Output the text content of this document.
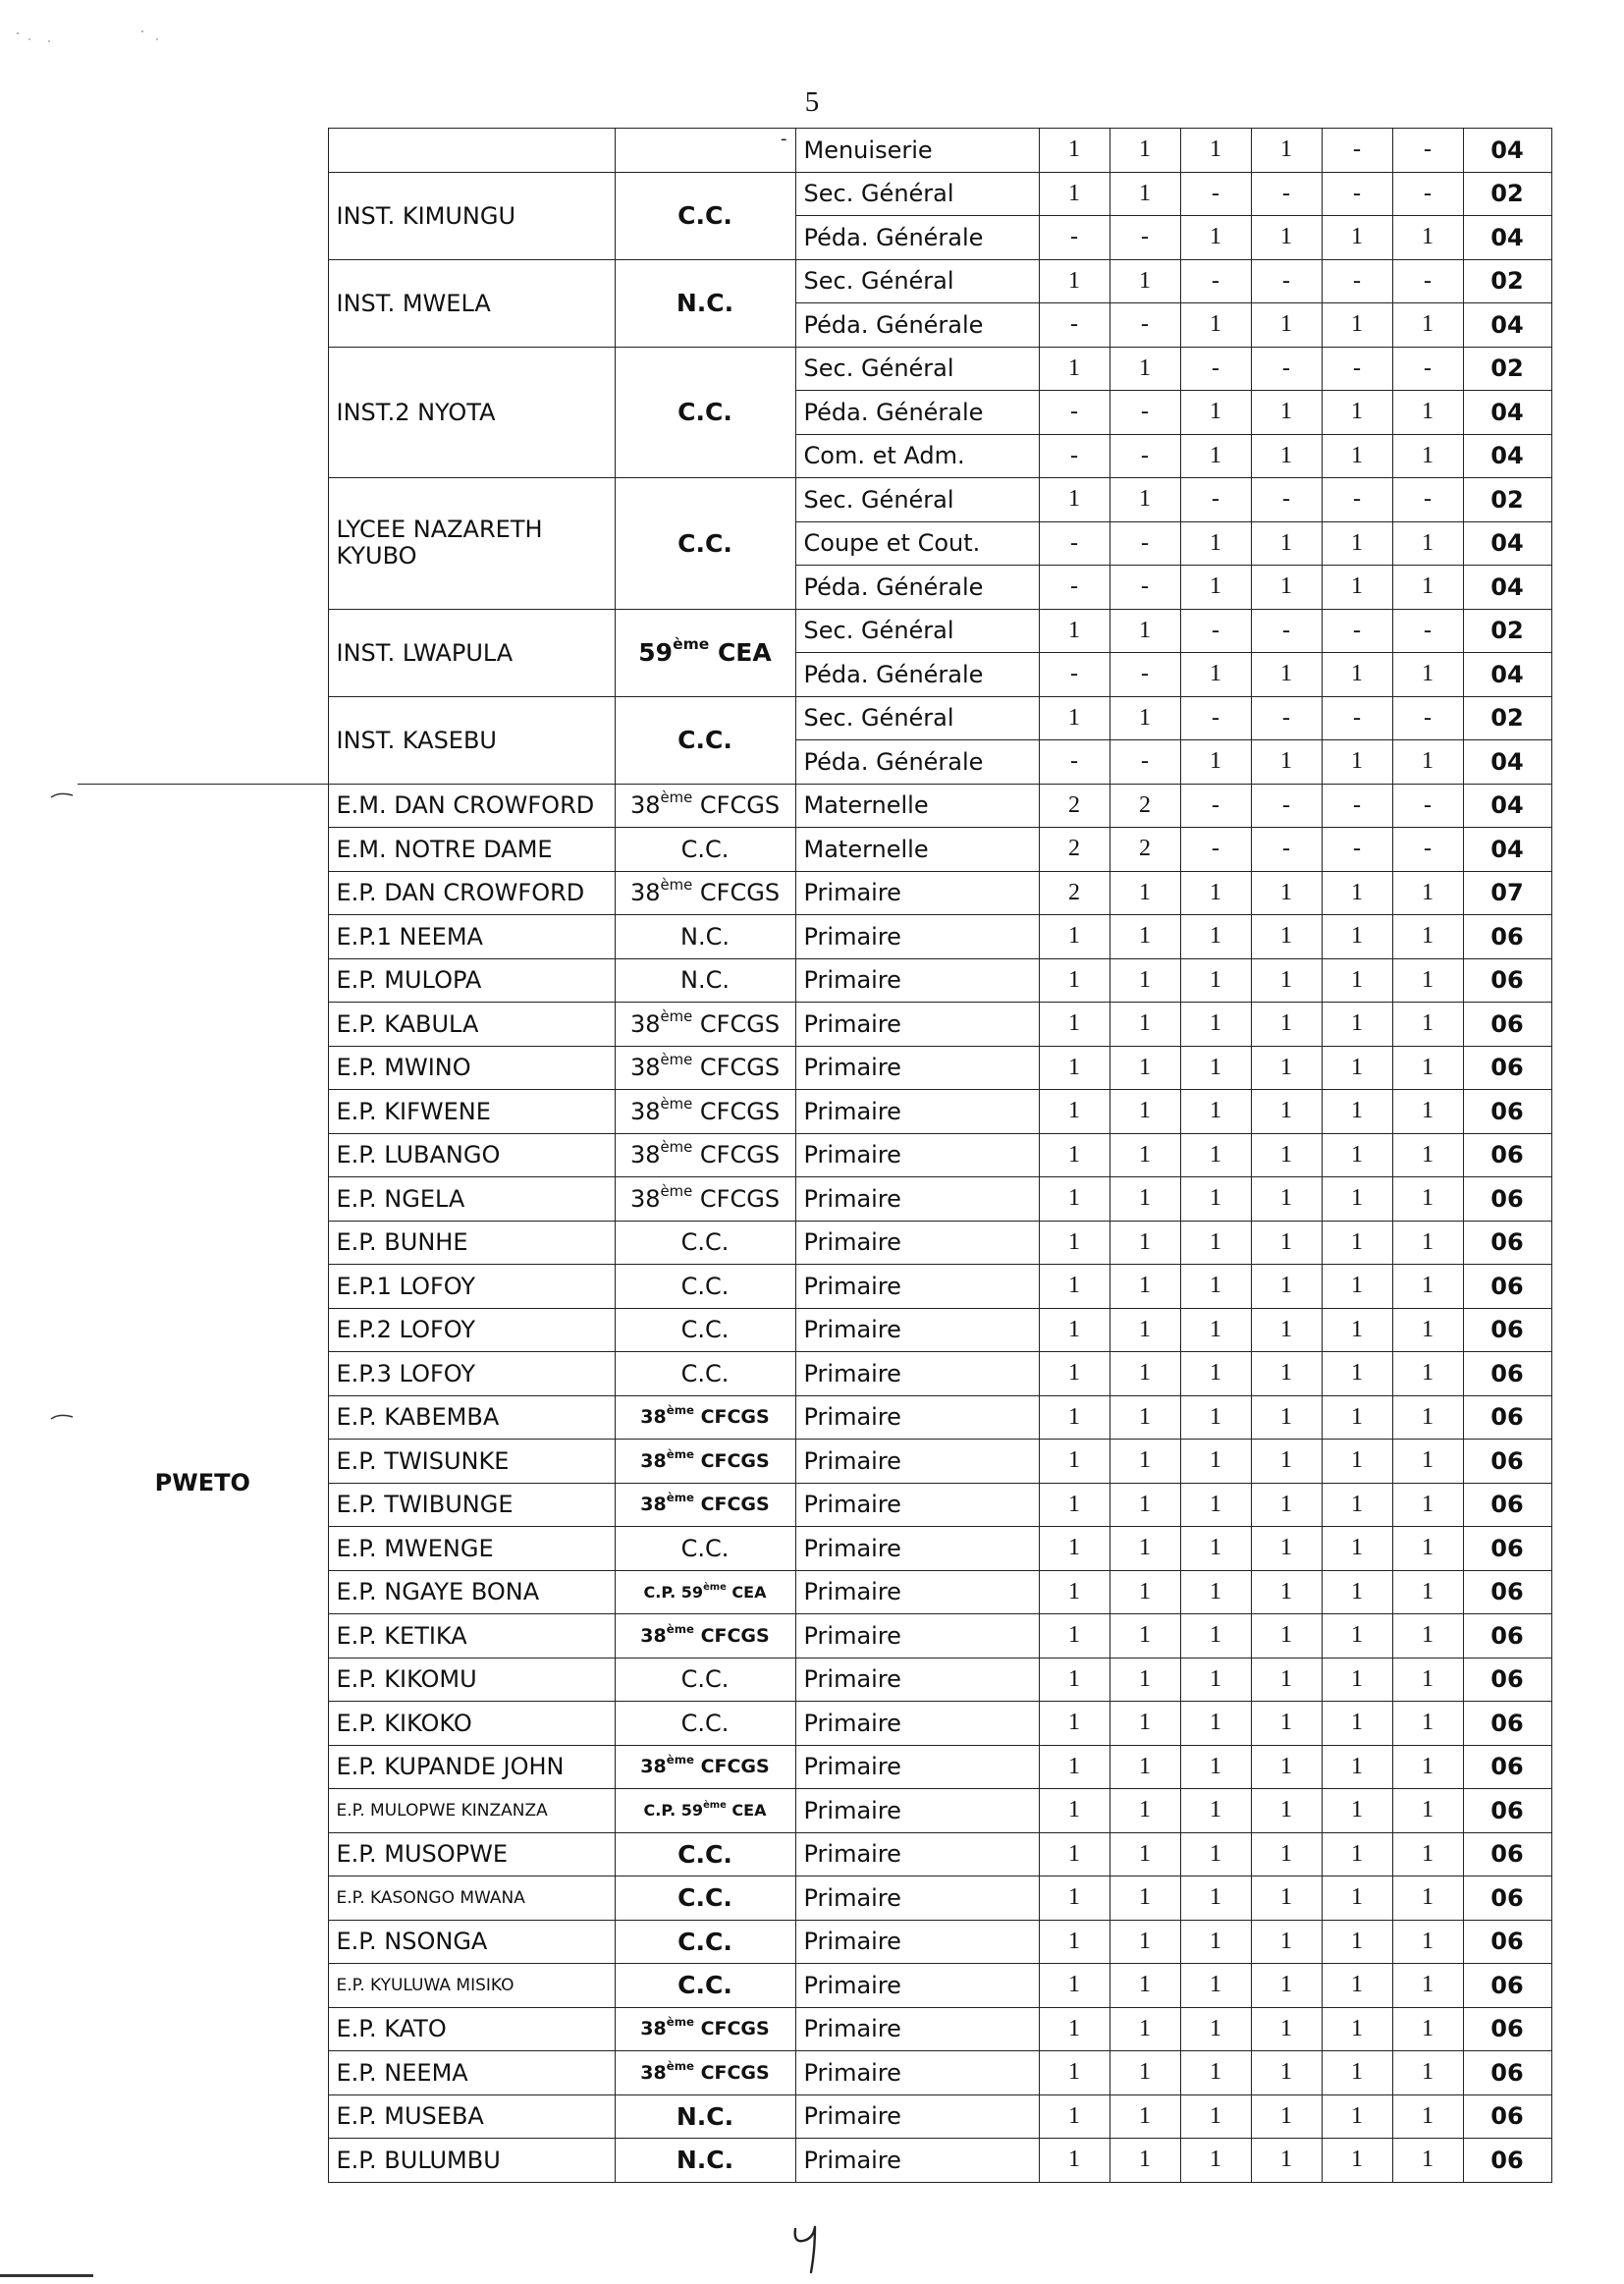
5
		-	Menuiserie	1	1	1	1	-	-	04
	INST. KIMUNGU	C.C.	Sec. Général	1	1	-	-	-	-	02
			Péda. Générale	-	-	1	1	1	1	04
	INST. MWELA	N.C.	Sec. Général	1	1	-	-	-	-	02
			Péda. Générale	-	-	1	1	1	1	04
	INST.2 NYOTA	C.C.	Sec. Général	1	1	-	-	-	-	02
			Péda. Générale	-	-	1	1	1	1	04
			Com. et Adm.	-	-	1	1	1	1	04
	LYCEE NAZARETH
KYUBO	C.C.	Sec. Général	1	1	-	-	-	-	02
			Coupe et Cout.	-	-	1	1	1	1	04
			Péda. Générale	-	-	1	1	1	1	04
	INST. LWAPULA	59ème CEA	Sec. Général	1	1	-	-	-	-	02
			Péda. Générale	-	-	1	1	1	1	04
	INST. KASEBU	C.C.	Sec. Général	1	1	-	-	-	-	02
			Péda. Générale	-	-	1	1	1	1	04
PWETO	E.M. DAN CROWFORD	38ème CFCGS	Maternelle	2	2	-	-	-	-	04
	E.M. NOTRE DAME	C.C.	Maternelle	2	2	-	-	-	-	04
	E.P. DAN CROWFORD	38ème CFCGS	Primaire	2	1	1	1	1	1	07
	E.P.1 NEEMA	N.C.	Primaire	1	1	1	1	1	1	06
	E.P. MULOPA	N.C.	Primaire	1	1	1	1	1	1	06
	E.P. KABULA	38ème CFCGS	Primaire	1	1	1	1	1	1	06
	E.P. MWINO	38ème CFCGS	Primaire	1	1	1	1	1	1	06
	E.P. KIFWENE	38ème CFCGS	Primaire	1	1	1	1	1	1	06
	E.P. LUBANGO	38ème CFCGS	Primaire	1	1	1	1	1	1	06
	E.P. NGELA	38ème CFCGS	Primaire	1	1	1	1	1	1	06
	E.P. BUNHE	C.C.	Primaire	1	1	1	1	1	1	06
	E.P.1 LOFOY	C.C.	Primaire	1	1	1	1	1	1	06
	E.P.2 LOFOY	C.C.	Primaire	1	1	1	1	1	1	06
	E.P.3 LOFOY	C.C.	Primaire	1	1	1	1	1	1	06
	E.P. KABEMBA	38ème CFCGS	Primaire	1	1	1	1	1	1	06
	E.P. TWISUNKE	38ème CFCGS	Primaire	1	1	1	1	1	1	06
	E.P. TWIBUNGE	38ème CFCGS	Primaire	1	1	1	1	1	1	06
	E.P. MWENGE	C.C.	Primaire	1	1	1	1	1	1	06
	E.P. NGAYE BONA	C.P. 59ème CEA	Primaire	1	1	1	1	1	1	06
	E.P. KETIKA	38ème CFCGS	Primaire	1	1	1	1	1	1	06
	E.P. KIKOMU	C.C.	Primaire	1	1	1	1	1	1	06
	E.P. KIKOKO	C.C.	Primaire	1	1	1	1	1	1	06
	E.P. KUPANDE JOHN	38ème CFCGS	Primaire	1	1	1	1	1	1	06
	E.P. MULOPWE KINZANZA	C.P. 59ème CEA	Primaire	1	1	1	1	1	1	06
	E.P. MUSOPWE	C.C.	Primaire	1	1	1	1	1	1	06
	E.P. KASONGO MWANA	C.C.	Primaire	1	1	1	1	1	1	06
	E.P. NSONGA	C.C.	Primaire	1	1	1	1	1	1	06
	E.P. KYULUWA MISIKO	C.C.	Primaire	1	1	1	1	1	1	06
	E.P. KATO	38ème CFCGS	Primaire	1	1	1	1	1	1	06
	E.P. NEEMA	38ème CFCGS	Primaire	1	1	1	1	1	1	06
	E.P. MUSEBA	N.C.	Primaire	1	1	1	1	1	1	06
	E.P. BULUMBU	N.C.	Primaire	1	1	1	1	1	1	06
